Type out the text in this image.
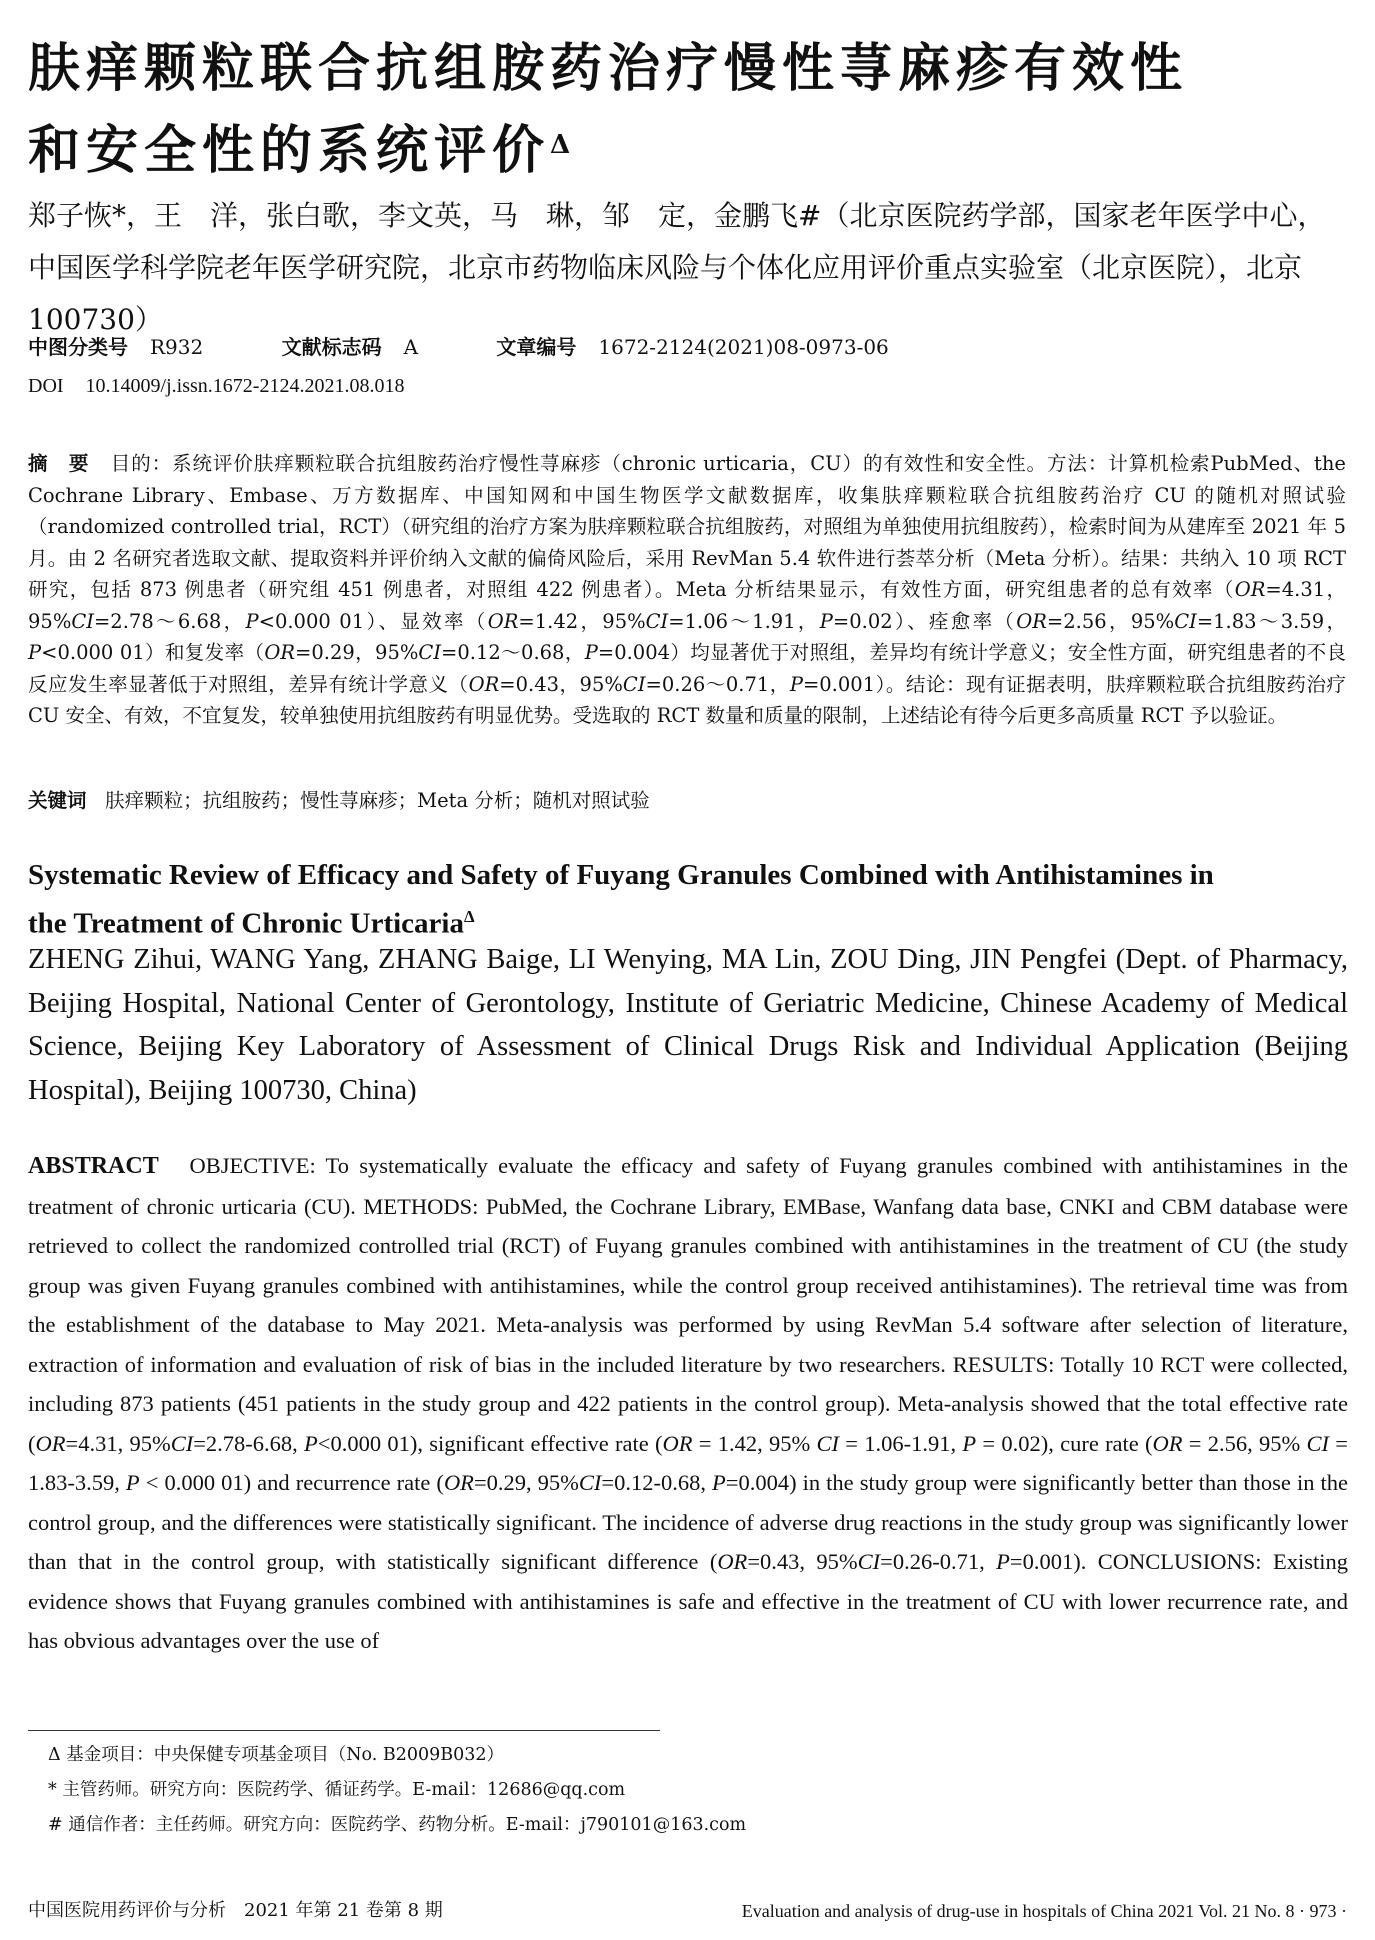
肤痒颗粒联合抗组胺药治疗慢性荨麻疹有效性
和安全性的系统评价$^\Delta$
郑子恢*，王　洋，张白歌，李文英，马　琳，邹　定，金鹏飞#（北京医院药学部，国家老年医学中心，中国医学科学院老年医学研究院，北京市药物临床风险与个体化应用评价重点实验室（北京医院），北京　100730）
中图分类号 R932	文献标志码 A	文章编号 1672-2124(2021)08-0973-06
DOI 10.14009/j.issn.1672-2124.2021.08.018
摘　要 目的：系统评价肤痒颗粒联合抗组胺药治疗慢性荨麻疹（chronic urticaria，CU）的有效性和安全性。方法：计算机检索PubMed、the Cochrane Library、Embase、万方数据库、中国知网和中国生物医学文献数据库，收集肤痒颗粒联合抗组胺药治疗 CU 的随机对照试验（randomized controlled trial，RCT）（研究组的治疗方案为肤痒颗粒联合抗组胺药，对照组为单独使用抗组胺药），检索时间为从建库至 2021 年 5 月。由 2 名研究者选取文献、提取资料并评价纳入文献的偏倚风险后，采用 RevMan 5.4 软件进行荟萃分析（Meta 分析）。结果：共纳入 10 项 RCT 研究，包括 873 例患者（研究组 451 例患者，对照组 422 例患者）。Meta 分析结果显示，有效性方面，研究组患者的总有效率（OR=4.31，95%CI=2.78～6.68，P<0.000 01）、显效率（OR=1.42，95%CI=1.06～1.91，P=0.02）、痊愈率（OR=2.56，95%CI=1.83～3.59，P<0.000 01）和复发率（OR=0.29，95%CI=0.12～0.68，P=0.004）均显著优于对照组，差异均有统计学意义；安全性方面，研究组患者的不良反应发生率显著低于对照组，差异有统计学意义（OR=0.43，95%CI=0.26～0.71，P=0.001）。结论：现有证据表明，肤痒颗粒联合抗组胺药治疗 CU 安全、有效，不宜复发，较单独使用抗组胺药有明显优势。受选取的 RCT 数量和质量的限制，上述结论有待今后更多高质量 RCT 予以验证。
关键词 肤痒颗粒；抗组胺药；慢性荨麻疹；Meta 分析；随机对照试验
Systematic Review of Efficacy and Safety of Fuyang Granules Combined with Antihistamines in
the Treatment of Chronic Urticaria$^\Delta$
ZHENG Zihui, WANG Yang, ZHANG Baige, LI Wenying, MA Lin, ZOU Ding, JIN Pengfei (Dept. of Pharmacy, Beijing Hospital, National Center of Gerontology, Institute of Geriatric Medicine, Chinese Academy of Medical Science, Beijing Key Laboratory of Assessment of Clinical Drugs Risk and Individual Application (Beijing Hospital), Beijing 100730, China)
ABSTRACT OBJECTIVE: To systematically evaluate the efficacy and safety of Fuyang granules combined with antihistamines in the treatment of chronic urticaria (CU). METHODS: PubMed, the Cochrane Library, EMBase, Wanfang data base, CNKI and CBM database were retrieved to collect the randomized controlled trial (RCT) of Fuyang granules combined with antihistamines in the treatment of CU (the study group was given Fuyang granules combined with antihistamines, while the control group received antihistamines). The retrieval time was from the establishment of the database to May 2021. Meta-analysis was performed by using RevMan 5.4 software after selection of literature, extraction of information and evaluation of risk of bias in the included literature by two researchers. RESULTS: Totally 10 RCT were collected, including 873 patients (451 patients in the study group and 422 patients in the control group). Meta-analysis showed that the total effective rate (OR=4.31, 95%CI=2.78-6.68, P<0.000 01), significant effective rate (OR = 1.42, 95% CI = 1.06-1.91, P = 0.02), cure rate (OR = 2.56, 95% CI = 1.83-3.59, P < 0.000 01) and recurrence rate (OR=0.29, 95%CI=0.12-0.68, P=0.004) in the study group were significantly better than those in the control group, and the differences were statistically significant. The incidence of adverse drug reactions in the study group was significantly lower than that in the control group, with statistically significant difference (OR=0.43, 95%CI=0.26-0.71, P=0.001). CONCLUSIONS: Existing evidence shows that Fuyang granules combined with antihistamines is safe and effective in the treatment of CU with lower recurrence rate, and has obvious advantages over the use of
Δ 基金项目：中央保健专项基金项目（No. B2009B032）
* 主管药师。研究方向：医院药学、循证药学。E-mail：12686@qq.com
# 通信作者：主任药师。研究方向：医院药学、药物分析。E-mail：j790101@163.com
中国医院用药评价与分析　2021 年第 21 卷第 8 期	Evaluation and analysis of drug-use in hospitals of China 2021 Vol. 21 No. 8 · 973 ·
